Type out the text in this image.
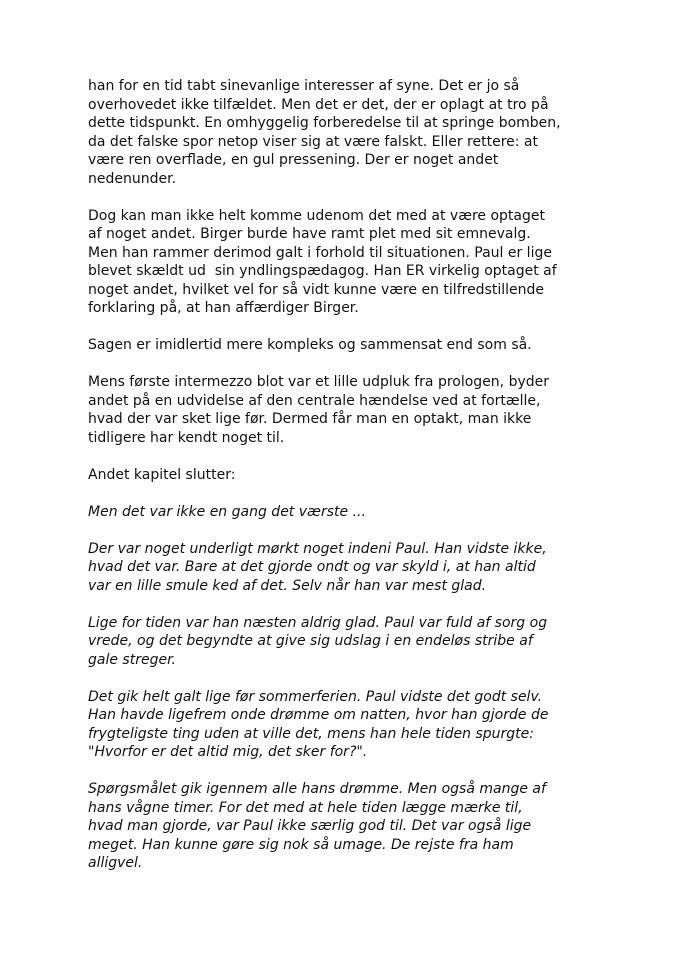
han for en tid tabt sinevanlige interesser af syne. Det er jo så
overhovedet ikke tilfældet. Men det er det, der er oplagt at tro på
dette tidspunkt. En omhyggelig forberedelse til at springe bomben,
da det falske spor netop viser sig at være falskt. Eller rettere: at
være ren overflade, en gul pressening. Der er noget andet
nedenunder.

Dog kan man ikke helt komme udenom det med at være optaget
af noget andet. Birger burde have ramt plet med sit emnevalg.
Men han rammer derimod galt i forhold til situationen. Paul er lige
blevet skældt ud  sin yndlingspædagog. Han ER virkelig optaget af
noget andet, hvilket vel for så vidt kunne være en tilfredstillende
forklaring på, at han affærdiger Birger.

Sagen er imidlertid mere kompleks og sammensat end som så.

Mens første intermezzo blot var et lille udpluk fra prologen, byder
andet på en udvidelse af den centrale hændelse ved at fortælle,
hvad der var sket lige før. Dermed får man en optakt, man ikke
tidligere har kendt noget til.

Andet kapitel slutter:

Men det var ikke en gang det værste ...

Der var noget underligt mørkt noget indeni Paul. Han vidste ikke,
hvad det var. Bare at det gjorde ondt og var skyld i, at han altid
var en lille smule ked af det. Selv når han var mest glad.

Lige for tiden var han næsten aldrig glad. Paul var fuld af sorg og
vrede, og det begyndte at give sig udslag i en endeløs stribe af
gale streger.

Det gik helt galt lige før sommerferien. Paul vidste det godt selv.
Han havde ligefrem onde drømme om natten, hvor han gjorde de
frygteligste ting uden at ville det, mens han hele tiden spurgte:
"Hvorfor er det altid mig, det sker for?".

Spørgsmålet gik igennem alle hans drømme. Men også mange af
hans vågne timer. For det med at hele tiden lægge mærke til,
hvad man gjorde, var Paul ikke særlig god til. Det var også lige
meget. Han kunne gøre sig nok så umage. De rejste fra ham
alligvel.
